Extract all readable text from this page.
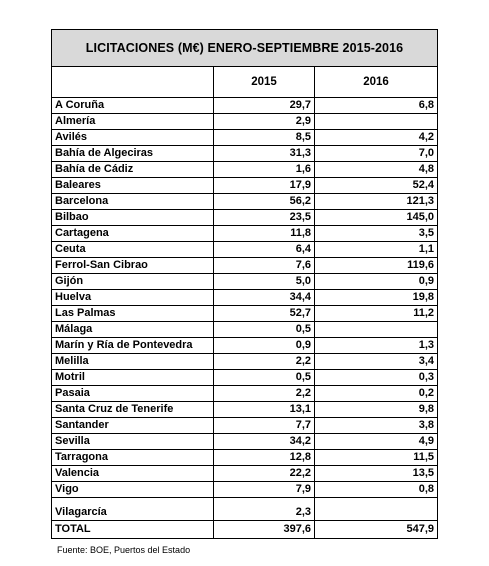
LICITACIONES (M€) ENERO-SEPTIEMBRE 2015-2016		
	2015	2016
A Coruña	29,7	6,8
Almería	2,9	
Avilés	8,5	4,2
Bahía de Algeciras	31,3	7,0
Bahía de Cádiz	1,6	4,8
Baleares	17,9	52,4
Barcelona	56,2	121,3
Bilbao	23,5	145,0
Cartagena	11,8	3,5
Ceuta	6,4	1,1
Ferrol-San Cibrao	7,6	119,6
Gijón	5,0	0,9
Huelva	34,4	19,8
Las Palmas	52,7	11,2
Málaga	0,5	
Marín y Ría de Pontevedra	0,9	1,3
Melilla	2,2	3,4
Motril	0,5	0,3
Pasaia	2,2	0,2
Santa Cruz de Tenerife	13,1	9,8
Santander	7,7	3,8
Sevilla	34,2	4,9
Tarragona	12,8	11,5
Valencia	22,2	13,5
Vigo	7,9	0,8
Vilagarcía	2,3	
TOTAL	397,6	547,9
Fuente: BOE, Puertos del Estado
